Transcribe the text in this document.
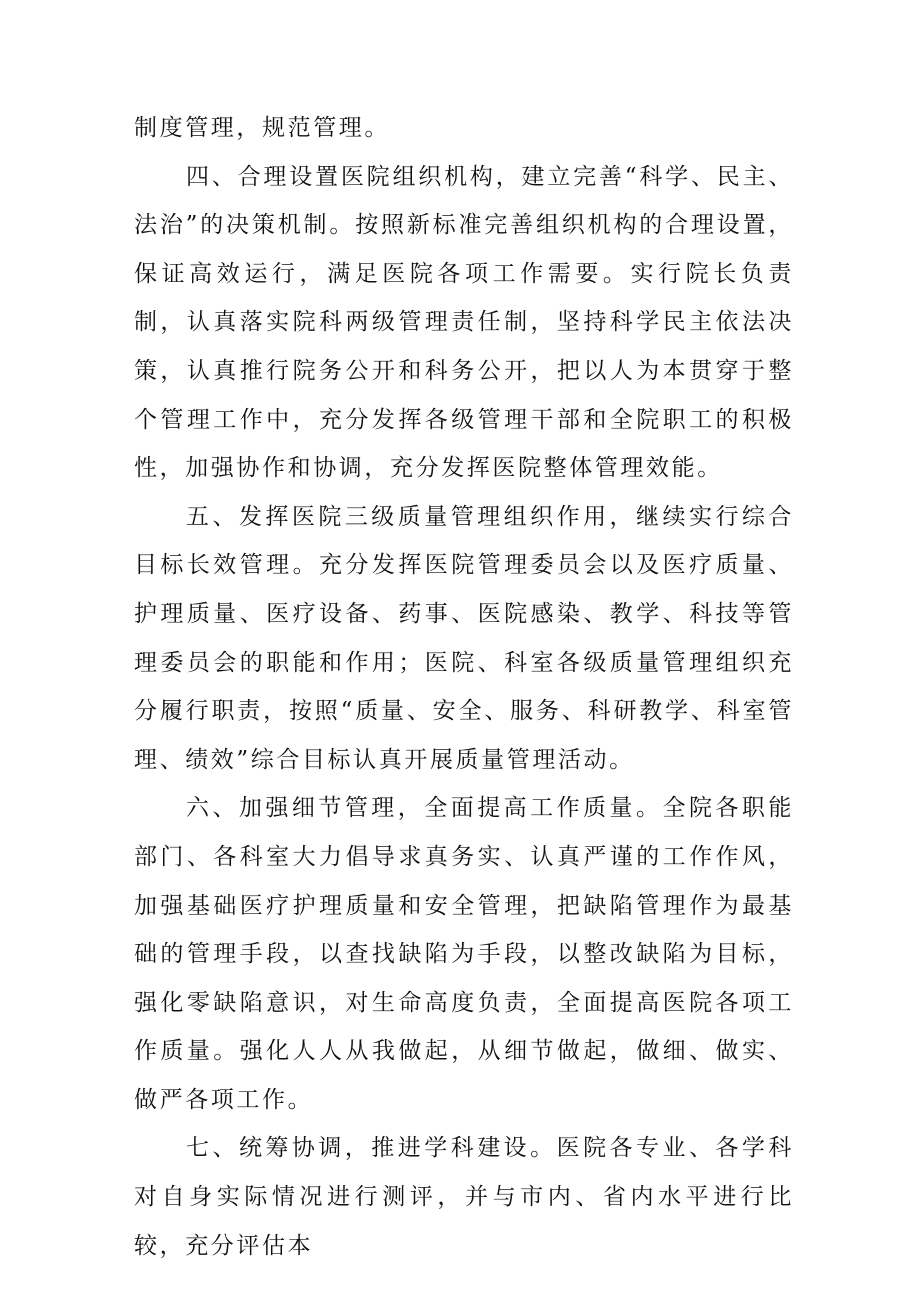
制度管理，规范管理。

四、合理设置医院组织机构，建立完善“科学、民主、法治”的决策机制。按照新标准完善组织机构的合理设置，保证高效运行，满足医院各项工作需要。实行院长负责制，认真落实院科两级管理责任制，坚持科学民主依法决策，认真推行院务公开和科务公开，把以人为本贯穿于整个管理工作中，充分发挥各级管理干部和全院职工的积极性，加强协作和协调，充分发挥医院整体管理效能。

五、发挥医院三级质量管理组织作用，继续实行综合目标长效管理。充分发挥医院管理委员会以及医疗质量、护理质量、医疗设备、药事、医院感染、教学、科技等管理委员会的职能和作用；医院、科室各级质量管理组织充分履行职责，按照“质量、安全、服务、科研教学、科室管理、绩效”综合目标认真开展质量管理活动。

六、加强细节管理，全面提高工作质量。全院各职能部门、各科室大力倡导求真务实、认真严谨的工作作风，加强基础医疗护理质量和安全管理，把缺陷管理作为最基础的管理手段，以查找缺陷为手段，以整改缺陷为目标，强化零缺陷意识，对生命高度负责，全面提高医院各项工作质量。强化人人从我做起，从细节做起，做细、做实、做严各项工作。

七、统筹协调，推进学科建设。医院各专业、各学科对自身实际情况进行测评，并与市内、省内水平进行比较，充分评估本
